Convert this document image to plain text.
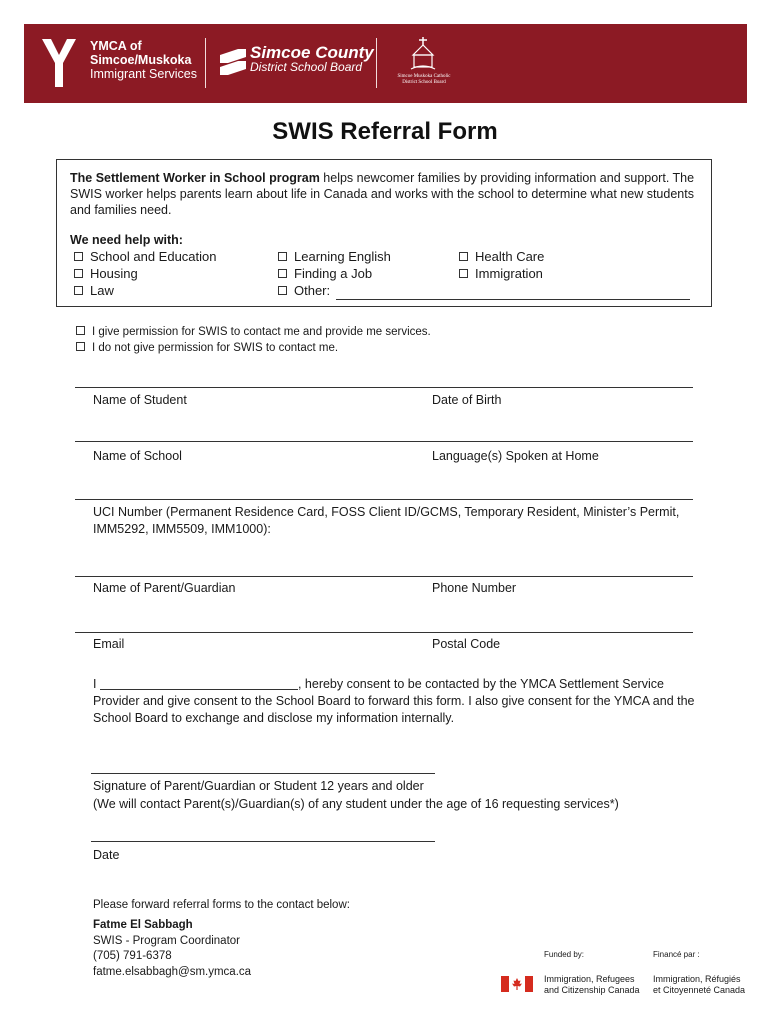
YMCA of
Simcoe/Muskoka
Immigrant Services
Simcoe County
District School Board
Simcoe Muskoka Catholic
District School Board
SWIS Referral Form
The Settlement Worker in School program helps newcomer families by providing information and support. The SWIS worker helps parents learn about life in Canada and works with the school to determine what new students and families need.
We need help with:
School and Education
Housing
Law
Learning English
Finding a Job
Other:
Health Care
Immigration
I give permission for SWIS to contact me and provide me services.
I do not give permission for SWIS to contact me.
Name of Student	Date of Birth
Name of School	Language(s) Spoken at Home
UCI Number (Permanent Residence Card, FOSS Client ID/GCMS, Temporary Resident, Minister’s Permit, IMM5292, IMM5509, IMM1000):
Name of Parent/Guardian	Phone Number
Email	Postal Code
I	, hereby consent to be contacted by the YMCA Settlement Service Provider and give consent to the School Board to forward this form. I also give consent for the YMCA and the School Board to exchange and disclose my information internally.
Signature of Parent/Guardian or Student 12 years and older
(We will contact Parent(s)/Guardian(s) of any student under the age of 16 requesting services*)
Date
Please forward referral forms to the contact below:
Fatme El Sabbagh
SWIS - Program Coordinator
(705) 791-6378
fatme.elsabbagh@sm.ymca.ca
Funded by:	Financé par :
Immigration, Refugees
and Citizenship Canada
Immigration, Réfugiés
et Citoyenneté Canada
